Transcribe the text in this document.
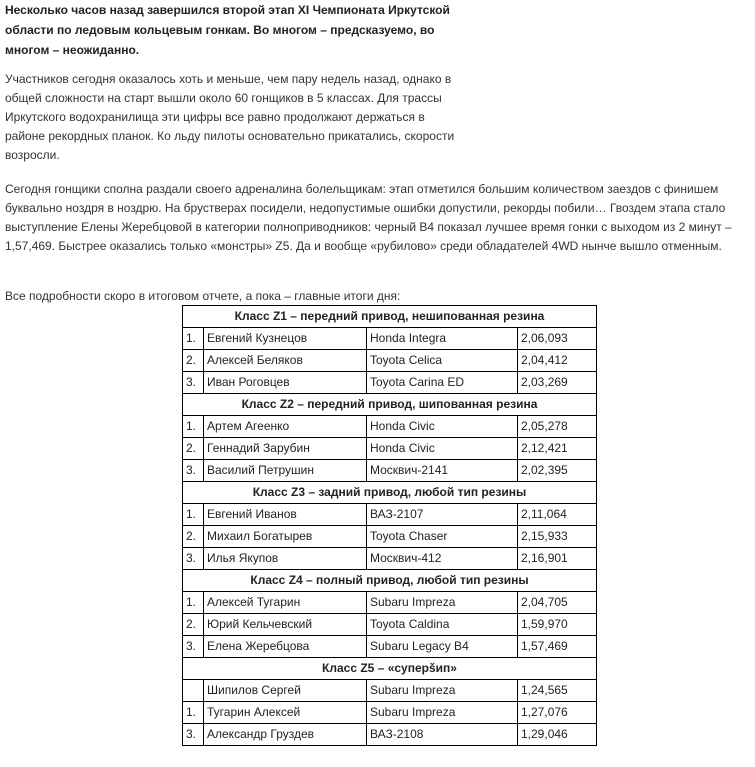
Несколько часов назад завершился второй этап XI Чемпионата Иркутской области по ледовым кольцевым гонкам. Во многом – предсказуемо, во многом – неожиданно.

Участников сегодня оказалось хоть и меньше, чем пару недель назад, однако в общей сложности на старт вышли около 60 гонщиков в 5 классах. Для трассы Иркутского водохранилища эти цифры все равно продолжают держаться в районе рекордных планок. Ко льду пилоты основательно прикатались, скорости возросли.

Сегодня гонщики сполна раздали своего адреналина болельщикам: этап отметился большим количеством заездов с финишем буквально ноздря в ноздрю. На брустверах посидели, недопустимые ошибки допустили, рекорды побили… Гвоздем этапа стало выступление Елены Жеребцовой в категории полноприводников: черный B4 показал лучшее время гонки с выходом из 2 минут – 1,57,469. Быстрее оказались только «монстры» Z5. Да и вообще «рубилово» среди обладателей 4WD нынче вышло отменным.

Все подробности скоро в итоговом отчете, а пока – главные итоги дня:

Класс Z1 – передний привод, нешипованная резина			
1.	Евгений Кузнецов	Honda Integra	2,06,093
2.	Алексей Беляков	Toyota Celica	2,04,412
3.	Иван Роговцев	Toyota Carina ED	2,03,269
Класс Z2 – передний привод, шипованная резина			
1.	Артем Агеенко	Honda Civic	2,05,278
2.	Геннадий Зарубин	Honda Civic	2,12,421
3.	Василий Петрушин	Москвич-2141	2,02,395
Класс Z3 – задний привод, любой тип резины			
1.	Евгений Иванов	ВАЗ-2107	2,11,064
2.	Михаил Богатырев	Toyota Chaser	2,15,933
3.	Илья Якупов	Москвич-412	2,16,901
Класс Z4 – полный привод, любой тип резины			
1.	Алексей Тугарин	Subaru Impreza	2,04,705
2.	Юрий Кельчевский	Toyota Caldina	1,59,970
3.	Елена Жеребцова	Subaru Legacy B4	1,57,469
Класс Z5 – «суперšип»			
	Шипилов Сергей	Subaru Impreza	1,24,565
1.	Тугарин Алексей	Subaru Impreza	1,27,076
3.	Александр Груздев	ВАЗ-2108	1,29,046
